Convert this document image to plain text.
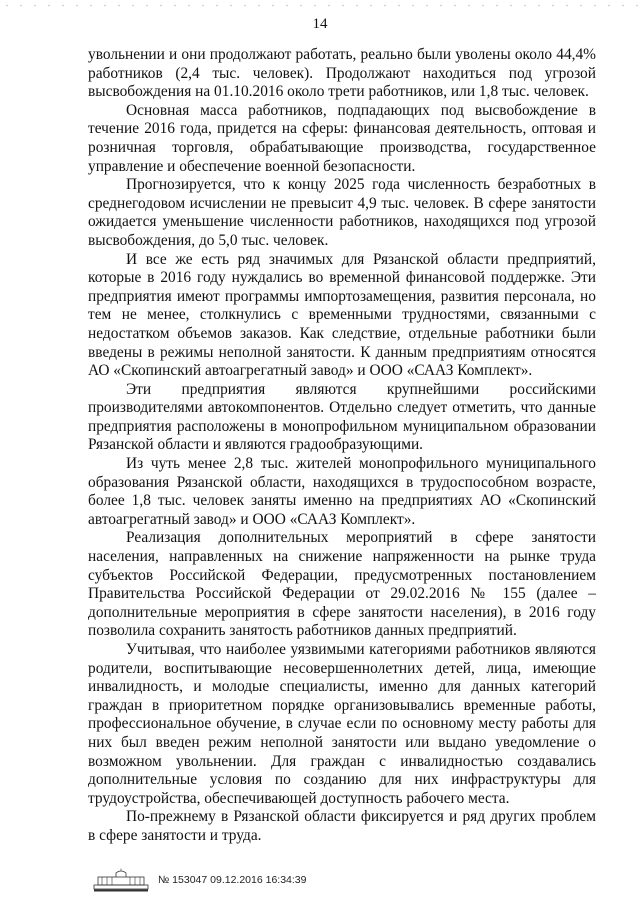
14

увольнении и они продолжают работать, реально были уволены около 44,4% работников (2,4 тыс. человек). Продолжают находиться под угрозой высвобождения на 01.10.2016 около трети работников, или 1,8 тыс. человек.

Основная масса работников, подпадающих под высвобождение в течение 2016 года, придется на сферы: финансовая деятельность, оптовая и розничная торговля, обрабатывающие производства, государственное управление и обеспечение военной безопасности.

Прогнозируется, что к концу 2025 года численность безработных в среднегодовом исчислении не превысит 4,9 тыс. человек. В сфере занятости ожидается уменьшение численности работников, находящихся под угрозой высвобождения, до 5,0 тыс. человек.

И все же есть ряд значимых для Рязанской области предприятий, которые в 2016 году нуждались во временной финансовой поддержке. Эти предприятия имеют программы импортозамещения, развития персонала, но тем не менее, столкнулись с временными трудностями, связанными с недостатком объемов заказов. Как следствие, отдельные работники были введены в режимы неполной занятости. К данным предприятиям относятся АО «Скопинский автоагрегатный завод» и ООО «СААЗ Комплект».

Эти предприятия являются крупнейшими российскими производителями автокомпонентов. Отдельно следует отметить, что данные предприятия расположены в монопрофильном муниципальном образовании Рязанской области и являются градообразующими.

Из чуть менее 2,8 тыс. жителей монопрофильного муниципального образования Рязанской области, находящихся в трудоспособном возрасте, более 1,8 тыс. человек заняты именно на предприятиях АО «Скопинский автоагрегатный завод» и ООО «СААЗ Комплект».

Реализация дополнительных мероприятий в сфере занятости населения, направленных на снижение напряженности на рынке труда субъектов Российской Федерации, предусмотренных постановлением Правительства Российской Федерации от 29.02.2016 № 155 (далее – дополнительные мероприятия в сфере занятости населения), в 2016 году позволила сохранить занятость работников данных предприятий.

Учитывая, что наиболее уязвимыми категориями работников являются родители, воспитывающие несовершеннолетних детей, лица, имеющие инвалидность, и молодые специалисты, именно для данных категорий граждан в приоритетном порядке организовывались временные работы, профессиональное обучение, в случае если по основному месту работы для них был введен режим неполной занятости или выдано уведомление о возможном увольнении. Для граждан с инвалидностью создавались дополнительные условия по созданию для них инфраструктуры для трудоустройства, обеспечивающей доступность рабочего места.

По-прежнему в Рязанской области фиксируется и ряд других проблем в сфере занятости и труда.

№ 153047 09.12.2016 16:34:39
